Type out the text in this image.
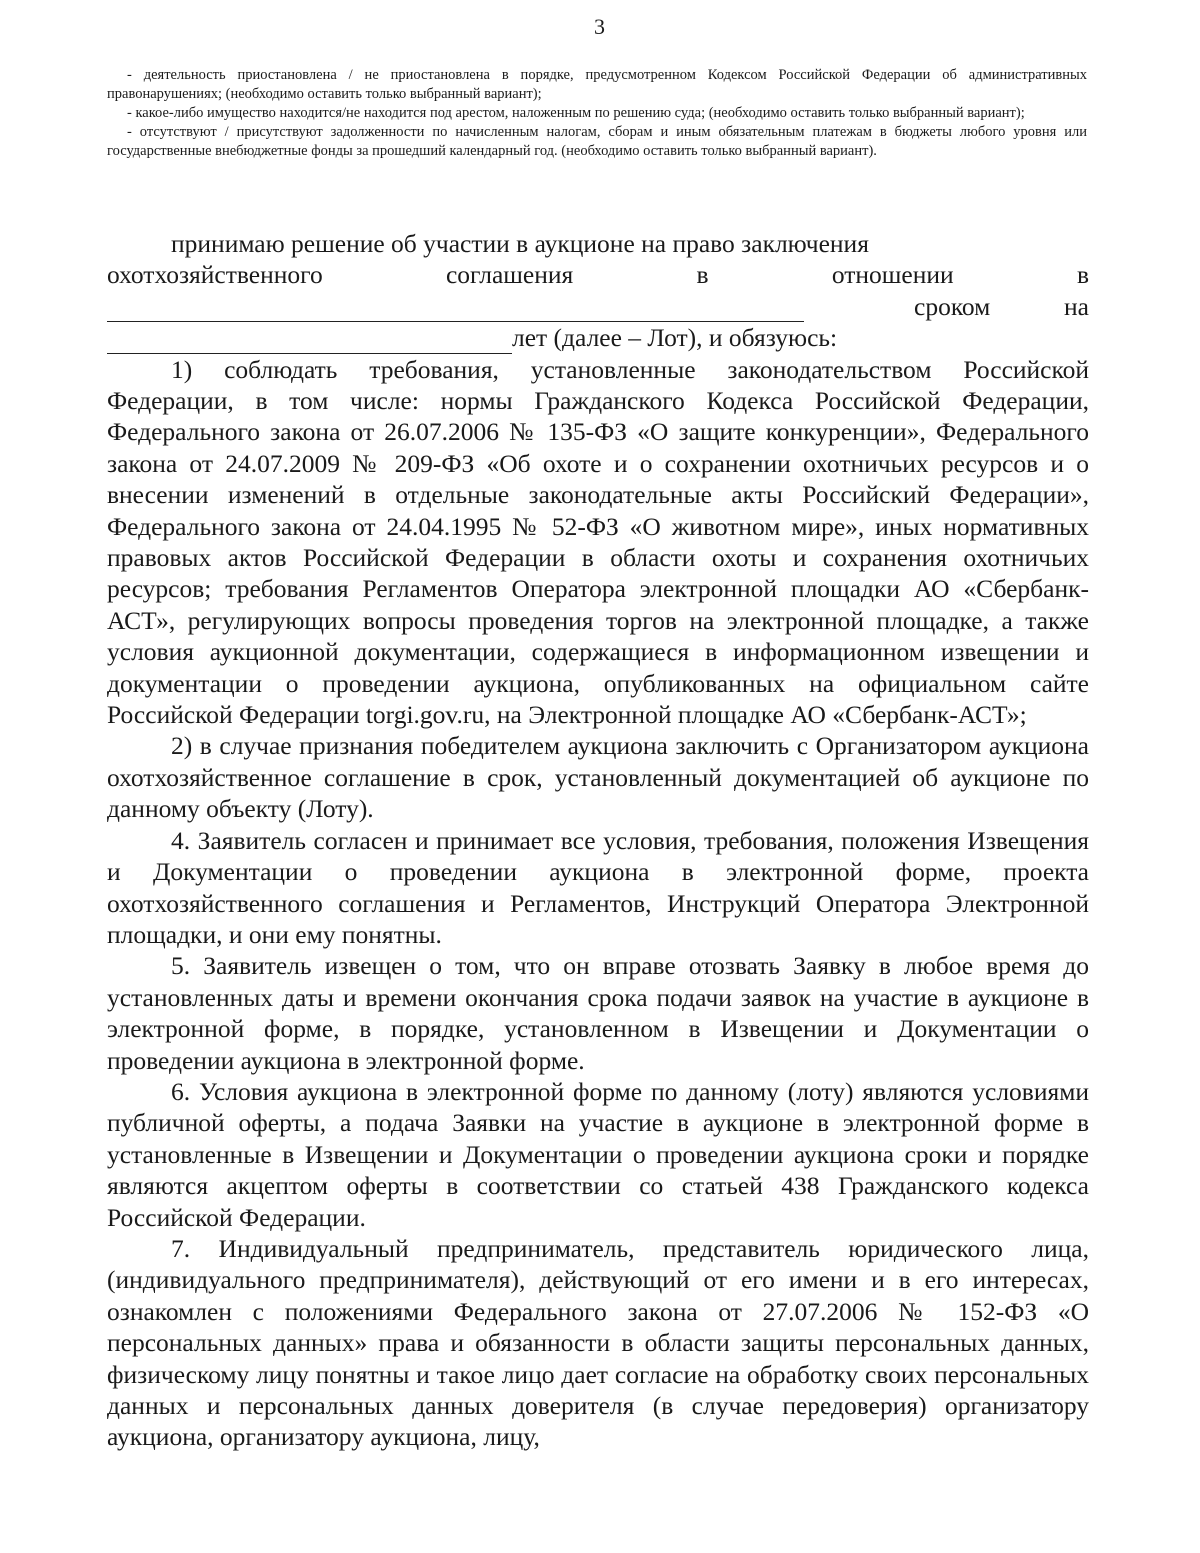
3

- деятельность приостановлена / не приостановлена в порядке, предусмотренном Кодексом Российской Федерации об административных правонарушениях; (необходимо оставить только выбранный вариант);

- какое-либо имущество находится/не находится под арестом, наложенным по решению суда; (необходимо оставить только выбранный вариант);

- отсутствуют / присутствуют задолженности по начисленным налогам, сборам и иным обязательным платежам в бюджеты любого уровня или государственные внебюджетные фонды за прошедший календарный год. (необходимо оставить только выбранный вариант).

принимаю решение об участии в аукционе на право заключения

охотхозяйственного	соглашения	в	отношении	в
сроком	на
лет (далее – Лот), и обязуюсь:

1) соблюдать требования, установленные законодательством Российской Федерации, в том числе: нормы Гражданского Кодекса Российской Федерации, Федерального закона от 26.07.2006 № 135-ФЗ «О защите конкуренции», Федерального закона от 24.07.2009 № 209-ФЗ «Об охоте и о сохранении охотничьих ресурсов и о внесении изменений в отдельные законодательные акты Российский Федерации», Федерального закона от 24.04.1995 № 52-ФЗ «О животном мире», иных нормативных правовых актов Российской Федерации в области охоты и сохранения охотничьих ресурсов; требования Регламентов Оператора электронной площадки АО «Сбербанк-АСТ», регулирующих вопросы проведения торгов на электронной площадке, а также условия аукционной документации, содержащиеся в информационном извещении и документации о проведении аукциона, опубликованных на официальном сайте Российской Федерации torgi.gov.ru, на Электронной площадке АО «Сбербанк-АСТ»;

2) в случае признания победителем аукциона заключить с Организатором аукциона охотхозяйственное соглашение в срок, установленный документацией об аукционе по данному объекту (Лоту).

4. Заявитель согласен и принимает все условия, требования, положения Извещения и Документации о проведении аукциона в электронной форме, проекта охотхозяйственного соглашения и Регламентов, Инструкций Оператора Электронной площадки, и они ему понятны.

5. Заявитель извещен о том, что он вправе отозвать Заявку в любое время до установленных даты и времени окончания срока подачи заявок на участие в аукционе в электронной форме, в порядке, установленном в Извещении и Документации о проведении аукциона в электронной форме.

6. Условия аукциона в электронной форме по данному (лоту) являются условиями публичной оферты, а подача Заявки на участие в аукционе в электронной форме в установленные в Извещении и Документации о проведении аукциона сроки и порядке являются акцептом оферты в соответствии со статьей 438 Гражданского кодекса Российской Федерации.

7. Индивидуальный предприниматель, представитель юридического лица, (индивидуального предпринимателя), действующий от его имени и в его интересах, ознакомлен с положениями Федерального закона от 27.07.2006 № 152-ФЗ «О персональных данных» права и обязанности в области защиты персональных данных, физическому лицу понятны и такое лицо дает согласие на обработку своих персональных данных и персональных данных доверителя (в случае передоверия) организатору аукциона, организатору аукциона, лицу,
